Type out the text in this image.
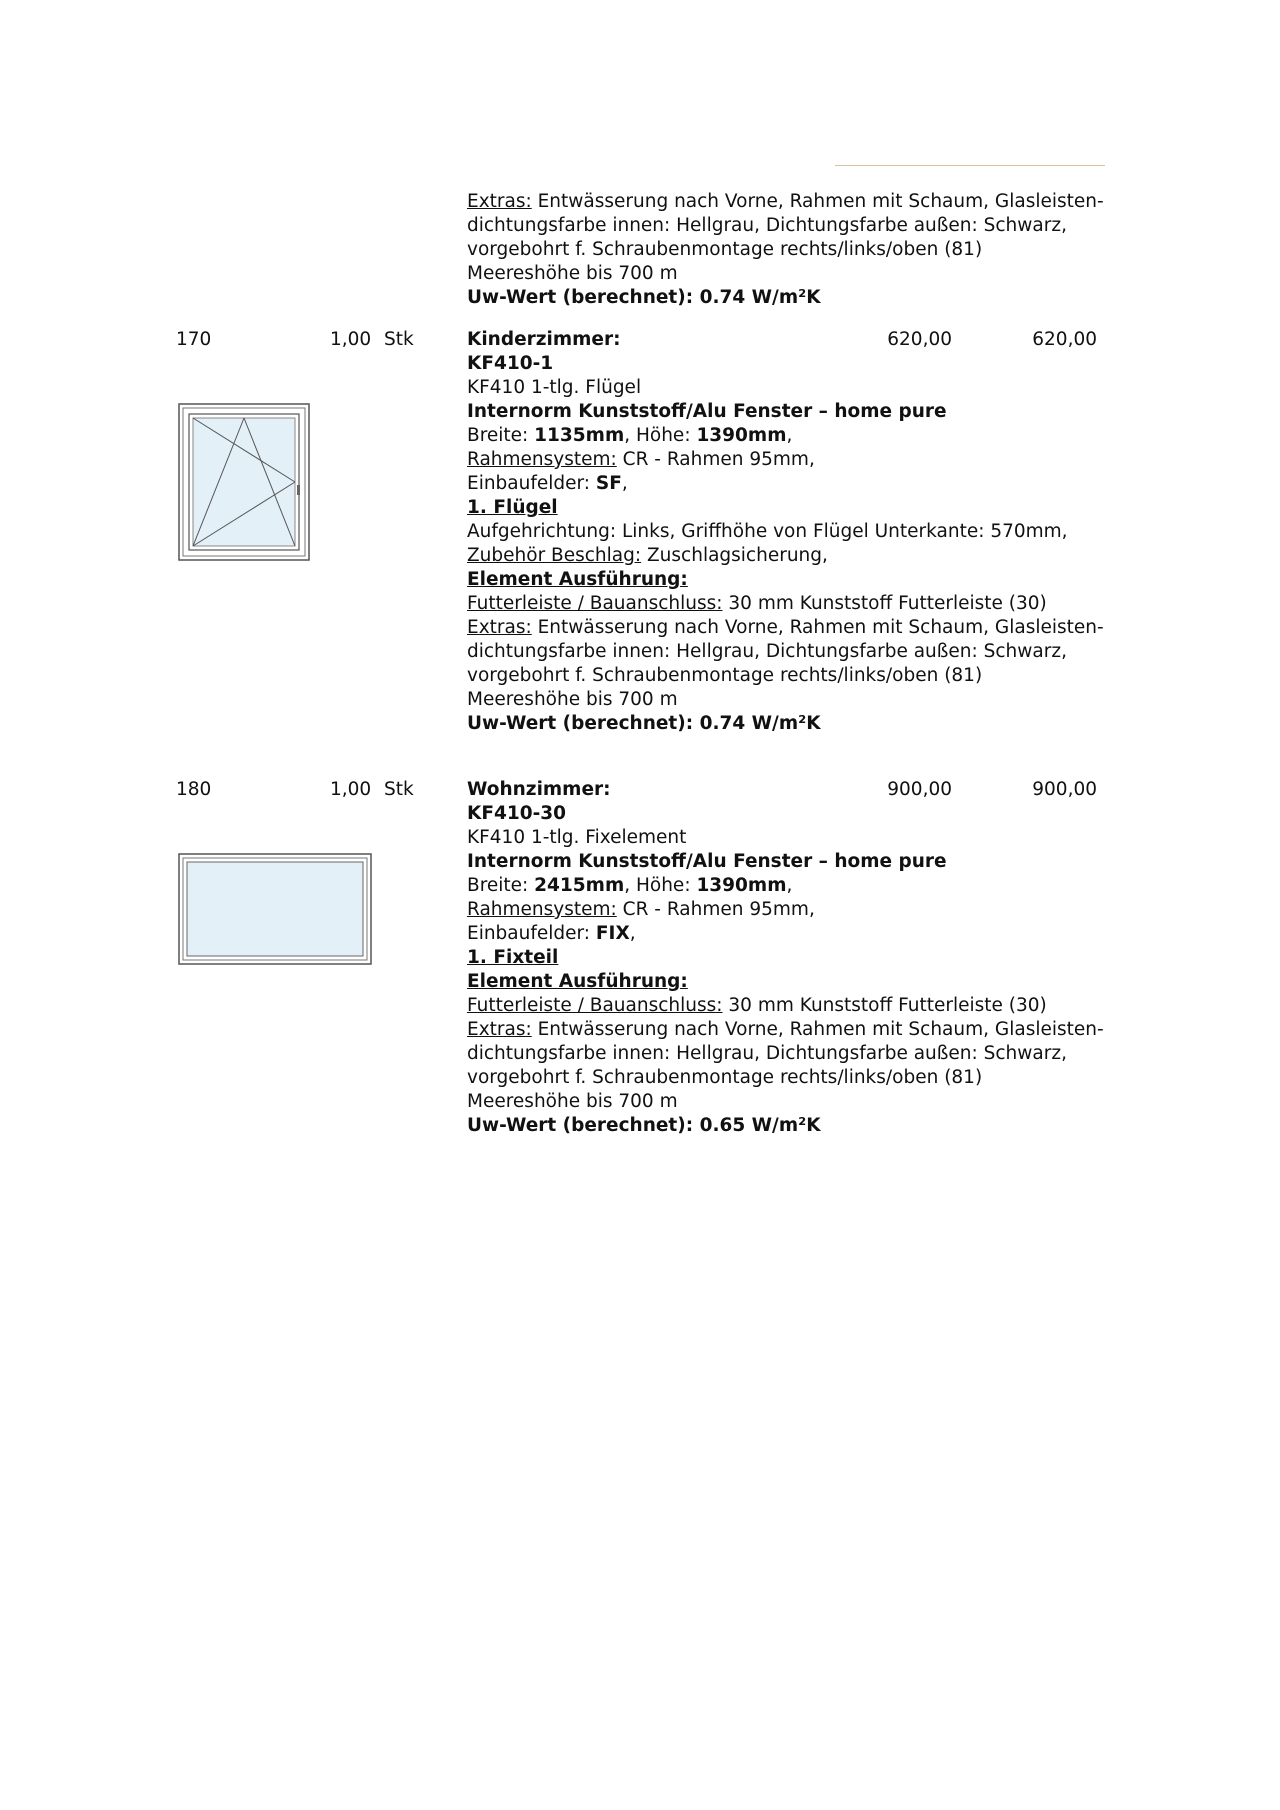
Extras: Entwässerung nach Vorne, Rahmen mit Schaum, Glasleisten-
dichtungsfarbe innen: Hellgrau, Dichtungsfarbe außen: Schwarz,
vorgebohrt f. Schraubenmontage rechts/links/oben (81)
Meereshöhe bis 700 m
Uw-Wert (berechnet): 0.74 W/m²K
170	1,00 Stk	620,00	620,00
Kinderzimmer:
KF410-1
KF410 1-tlg. Flügel
Internorm Kunststoff/Alu Fenster – home pure
Breite: 1135mm, Höhe: 1390mm,
Rahmensystem: CR - Rahmen 95mm,
Einbaufelder: SF,
1. Flügel
Aufgehrichtung: Links, Griffhöhe von Flügel Unterkante: 570mm,
Zubehör Beschlag: Zuschlagsicherung,
Element Ausführung:
Futterleiste / Bauanschluss: 30 mm Kunststoff Futterleiste (30)
Extras: Entwässerung nach Vorne, Rahmen mit Schaum, Glasleisten-
dichtungsfarbe innen: Hellgrau, Dichtungsfarbe außen: Schwarz,
vorgebohrt f. Schraubenmontage rechts/links/oben (81)
Meereshöhe bis 700 m
Uw-Wert (berechnet): 0.74 W/m²K
180	1,00 Stk	900,00	900,00
Wohnzimmer:
KF410-30
KF410 1-tlg. Fixelement
Internorm Kunststoff/Alu Fenster – home pure
Breite: 2415mm, Höhe: 1390mm,
Rahmensystem: CR - Rahmen 95mm,
Einbaufelder: FIX,
1. Fixteil
Element Ausführung:
Futterleiste / Bauanschluss: 30 mm Kunststoff Futterleiste (30)
Extras: Entwässerung nach Vorne, Rahmen mit Schaum, Glasleisten-
dichtungsfarbe innen: Hellgrau, Dichtungsfarbe außen: Schwarz,
vorgebohrt f. Schraubenmontage rechts/links/oben (81)
Meereshöhe bis 700 m
Uw-Wert (berechnet): 0.65 W/m²K
